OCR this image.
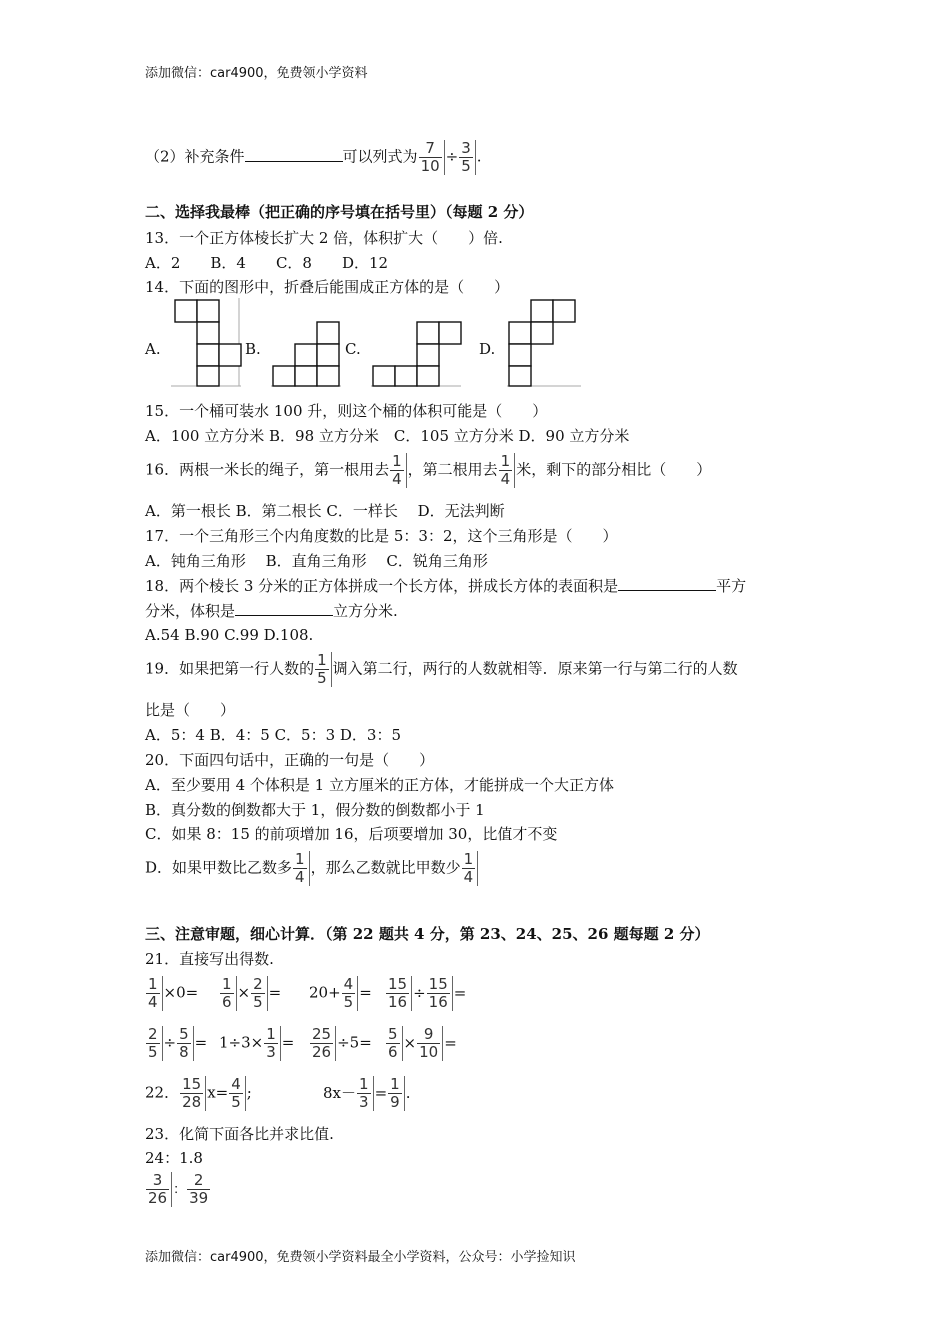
添加微信：car4900，免费领小学资料
（2）补充条件	可以列式为 $\frac{7}{10} \div \frac{3}{5}$ .
二、选择我最棒（把正确的序号填在括号里）（每题 2 分）
13．一个正方体棱长扩大 2 倍，体积扩大（　　）倍.
A．2　　B．4　　C．8　　D．12
14．下面的图形中，折叠后能围成正方体的是（　　）
A.	B.	C.	D.
15．一个桶可装水 100 升，则这个桶的体积可能是（　　）
A．100 立方分米 B．98 立方分米　C．105 立方分米 D．90 立方分米
16．两根一米长的绳子，第一根用去 $\frac{1}{4}$ ，第二根用去 $\frac{1}{4}$ 米，剩下的部分相比（　　）
A．第一根长 B．第二根长 C．一样长　 D．无法判断
17．一个三角形三个内角度数的比是 5：3：2，这个三角形是（　　）
A．钝角三角形　 B．直角三角形　 C．锐角三角形
18．两个棱长 3 分米的正方体拼成一个长方体，拼成长方体的表面积是	平方
分米，体积是	立方分米.
A.54 B.90 C.99 D.108.
19．如果把第一行人数的 $\frac{1}{5}$ 调入第二行，两行的人数就相等．原来第一行与第二行的人数
比是（　　）
A．5：4 B．4：5 C．5：3 D．3：5
20．下面四句话中，正确的一句是（　　）
A．至少要用 4 个体积是 1 立方厘米的正方体，才能拼成一个大正方体
B．真分数的倒数都大于 1，假分数的倒数都小于 1
C．如果 8：15 的前项增加 16，后项要增加 30，比值才不变
D．如果甲数比乙数多 $\frac{1}{4}$ ，那么乙数就比甲数少 $\frac{1}{4}$
三、注意审题，细心计算．（第 22 题共 4 分，第 23、24、25、26 题每题 2 分）
21．直接写出得数.
$\frac{1}{4} \times 0= \frac{1}{6} \times \frac{2}{5} = 20+ \frac{4}{5} = \frac{15}{16} \div \frac{15}{16}$ =
$\frac{2}{5} \div \frac{5}{8} = 1\div 3\times \frac{1}{3} = \frac{25}{26} \div 5= \frac{5}{6} \times \frac{9}{10}$ =
22． $\frac{15}{28} x= \frac{4}{5}$ ;	$8x- \frac{1}{3} = \frac{1}{9}$ .
23．化简下面各比并求比值.
24：1.8
$\frac{3}{26}$ ： $\frac{2}{39}$
添加微信：car4900，免费领小学资料最全小学资料，公众号：小学捡知识
